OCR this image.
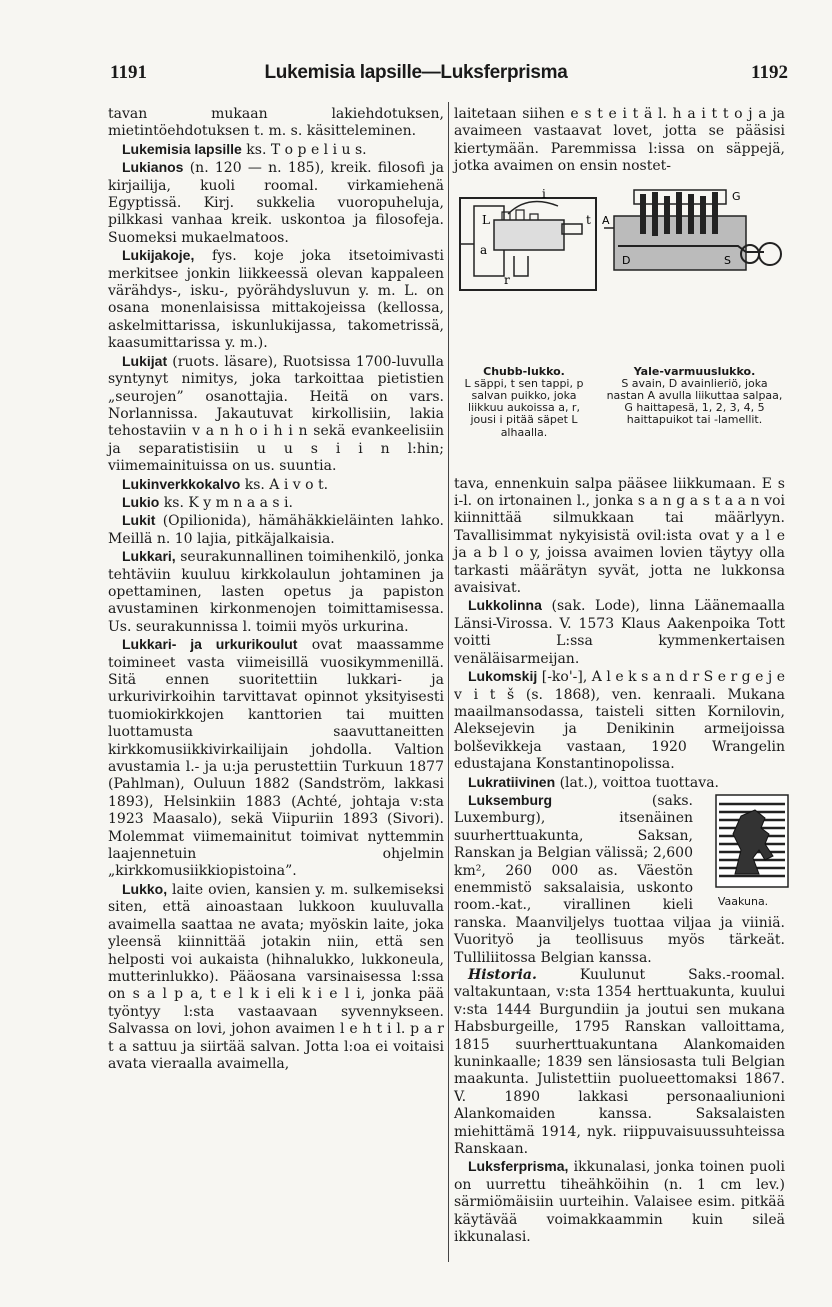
1191	Lukemisia lapsille—Luksferprisma	1192

tavan mukaan lakiehdotuksen, mietintöehdotuksen t. m. s. käsitteleminen.

Lukemisia lapsille ks. T o p e l i u s.

Lukianos (n. 120 — n. 185), kreik. filosofi ja kirjailija, kuoli roomal. virkamiehenä Egyptissä. Kirj. sukkelia vuoropuheluja, pilkkasi vanhaa kreik. uskontoa ja filosofeja. Suomeksi mukaelmatoos.

Lukijakoje, fys. koje joka itsetoimivasti merkitsee jonkin liikkeessä olevan kappaleen värähdys-, isku-, pyörähdysluvun y. m. L. on osana monenlaisissa mittakojeissa (kellossa, askelmittarissa, iskunlukijassa, takometrissä, kaasumittarissa y. m.).

Lukijat (ruots. läsare), Ruotsissa 1700-luvulla syntynyt nimitys, joka tarkoittaa pietistien „seurojen” osanottajia. Heitä on vars. Norlannissa. Jakautuvat kirkollisiin, lakia tehostaviin v a n h o i h i n sekä evankeelisiin ja separatistisiin u u s i i n l:hin; viimemainituissa on us. suuntia.

Lukinverkkokalvo ks. A i v o t.

Lukio ks. K y m n a a s i.

Lukit (Opilionida), hämähäkkieläinten lahko. Meillä n. 10 lajia, pitkäjalkaisia.

Lukkari, seurakunnallinen toimihenkilö, jonka tehtäviin kuuluu kirkkolaulun johtaminen ja opettaminen, lasten opetus ja papiston avustaminen kirkonmenojen toimittamisessa. Us. seurakunnissa l. toimii myös urkurina.

Lukkari- ja urkurikoulut ovat maassamme toimineet vasta viimeisillä vuosikymmenillä. Sitä ennen suoritettiin lukkari- ja urkurivirkoihin tarvittavat opinnot yksityisesti tuomiokirkkojen kanttorien tai muitten luottamusta saavuttaneitten kirkkomusiikkivirkailijain johdolla. Valtion avustamia l.- ja u:ja perustettiin Turkuun 1877 (Pahlman), Ouluun 1882 (Sandström, lakkasi 1893), Helsinkiin 1883 (Achté, johtaja v:sta 1923 Maasalo), sekä Viipuriin 1893 (Sivori). Molemmat viimemainitut toimivat nyttemmin laajennetuin ohjelmin „kirkkomusiikkiopistoina”.

Lukko, laite ovien, kansien y. m. sulkemiseksi siten, että ainoastaan lukkoon kuuluvalla avaimella saattaa ne avata; myöskin laite, joka yleensä kiinnittää jotakin niin, että sen helposti voi aukaista (hihnalukko, lukkoneula, mutterinlukko). Pääosana varsinaisessa l:ssa on s a l p a, t e l k i eli k i e l i, jonka pää työntyy l:sta vastaavaan syvennykseen. Salvassa on lovi, johon avaimen l e h t i l. p a r t a sattuu ja siirtää salvan. Jotta l:oa ei voitaisi avata vieraalla avaimella,

laitetaan siihen e s t e i t ä l. h a i t t o j a ja avaimeen vastaavat lovet, jotta se pääsisi kiertymään. Paremmissa l:issa on säppejä, jotka avaimen on ensin nostet-

i
L	t
a
r
G
A
D	S
Chubb-lukko.
L säppi, t sen tappi, p salvan puikko, joka liikkuu aukoissa a, r, jousi i pitää säpet L alhaalla.
Yale-varmuuslukko.
S avain, D avainlieriö, joka nastan A avulla liikuttaa salpaa, G haittapesä, 1, 2, 3, 4, 5 haittapuikot tai -lamellit.

tava, ennenkuin salpa pääsee liikkumaan. E s i-l. on irtonainen l., jonka s a n g a s t a a n voi kiinnittää silmukkaan tai määrlyyn. Tavallisimmat nykyisistä ovil:ista ovat y a l e ja a b l o y, joissa avaimen lovien täytyy olla tarkasti määrätyn syvät, jotta ne lukkonsa avaisivat.

Lukkolinna (sak. Lode), linna Läänemaalla Länsi-Virossa. V. 1573 Klaus Aakenpoika Tott voitti L:ssa kymmenkertaisen venäläisarmeijan.

Lukomskij [-ko'-], A l e k s a n d r S e r g e j e v i t š (s. 1868), ven. kenraali. Mukana maailmansodassa, taisteli sitten Kornilovin, Aleksejevin ja Denikinin armeijoissa bolševikkeja vastaan, 1920 Wrangelin edustajana Konstantinopolissa.

Lukratiivinen (lat.), voittoa tuottava.

Vaakuna.
Luksemburg (saks. Luxemburg), itsenäinen suurherttuakunta, Saksan, Ranskan ja Belgian välissä; 2,600 km², 260 000 as. Väestön enemmistö saksalaisia, uskonto room.-kat., virallinen kieli ranska. Maanviljelys tuottaa viljaa ja viiniä. Vuorityö ja teollisuus myös tärkeät. Tulliliitossa Belgian kanssa.

Historia. Kuulunut Saks.-roomal. valtakuntaan, v:sta 1354 herttuakunta, kuului v:sta 1444 Burgundiin ja joutui sen mukana Habsburgeille, 1795 Ranskan valloittama, 1815 suurherttuakuntana Alankomaiden kuninkaalle; 1839 sen länsiosasta tuli Belgian maakunta. Julistettiin puolueettomaksi 1867. V. 1890 lakkasi personaaliunioni Alankomaiden kanssa. Saksalaisten miehittämä 1914, nyk. riippuvaisuussuhteissa Ranskaan.

Luksferprisma, ikkunalasi, jonka toinen puoli on uurrettu tiheähköihin (n. 1 cm lev.) särmiömäisiin uurteihin. Valaisee esim. pitkää käytävää voimakkaammin kuin sileä ikkunalasi.
